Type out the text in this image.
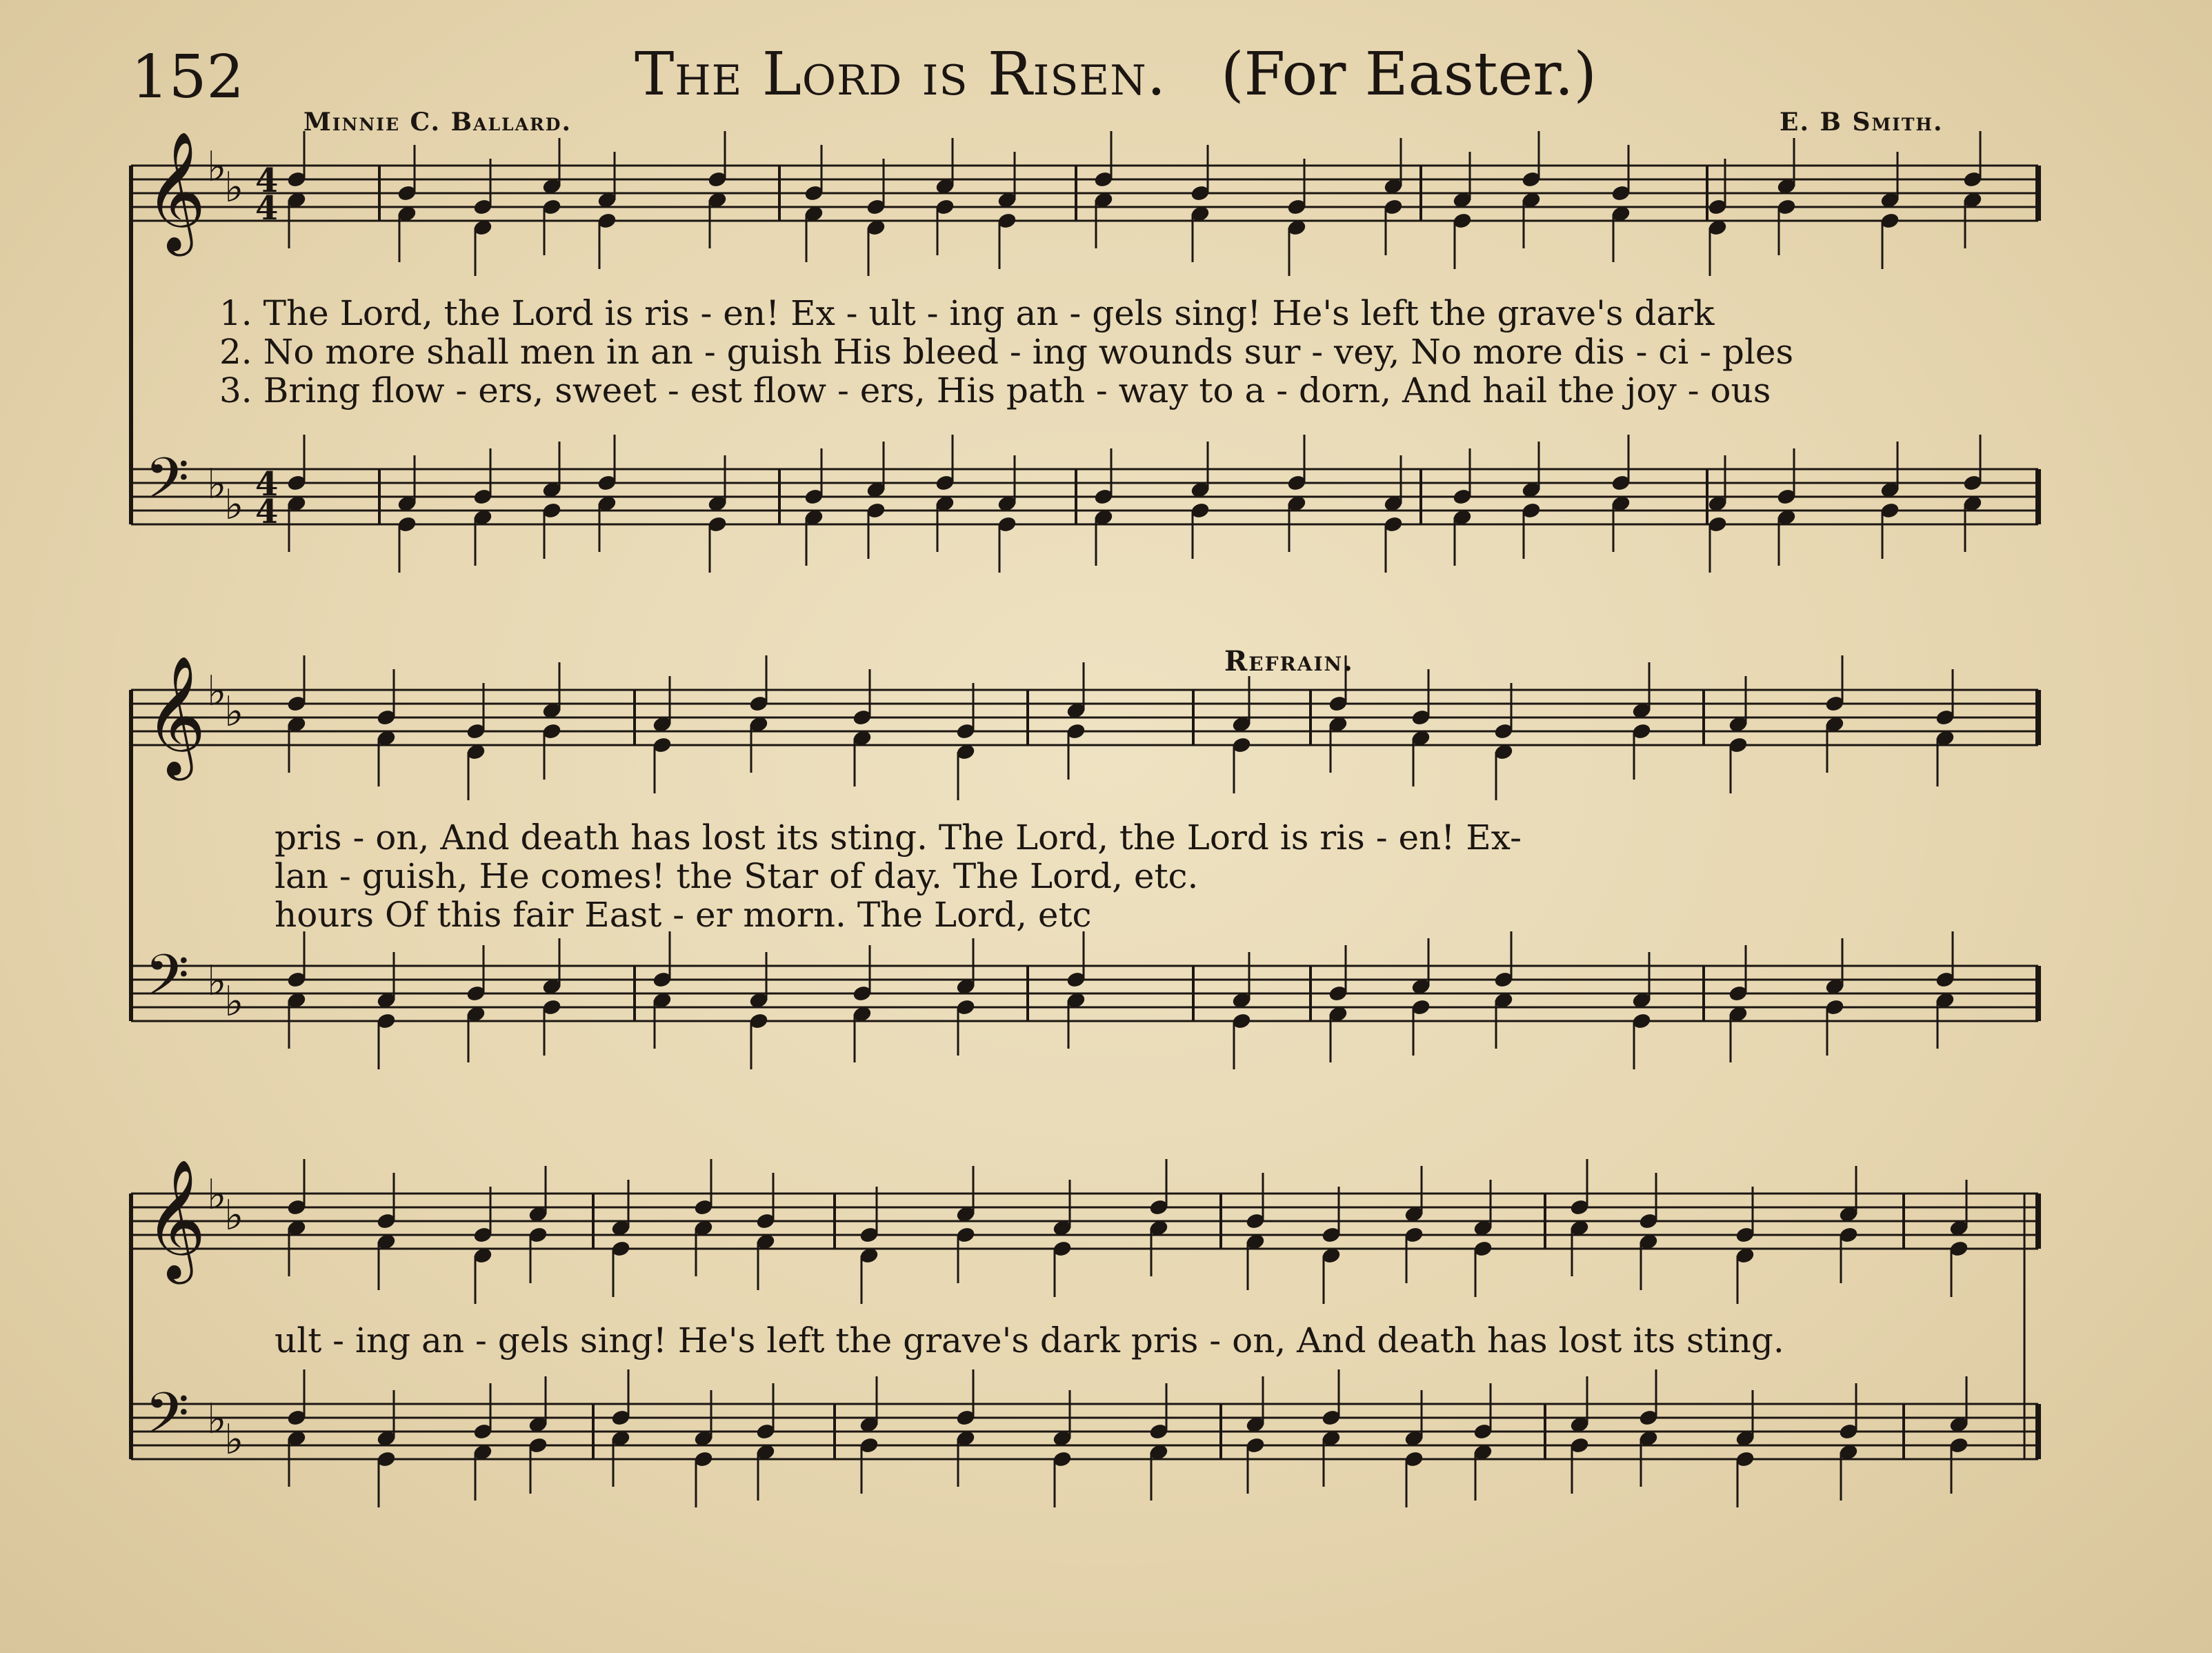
152	The Lord is Risen. (For Easter.)
Minnie C. Ballard.	E. B Smith.
Refrain.
1. The Lord, the Lord is ris - en! Ex - ult - ing an - gels sing! He's left the grave's dark
2. No more shall men in an - guish His bleed - ing wounds sur - vey, No more dis - ci - ples
3. Bring flow - ers, sweet - est flow - ers, His path - way to a - dorn, And hail the joy - ous
pris - on, And death has lost its sting. The Lord, the Lord is ris - en! Ex-
lan - guish, He comes! the Star of day. The Lord, etc.
hours Of this fair East - er morn. The Lord, etc
ult - ing an - gels sing! He's left the grave's dark pris - on, And death has lost its sting.
𝄞 ♭
♭ 4
4
𝄢 ♭
♭ 4
4
𝄞 ♭
♭
𝄢 ♭
♭
𝄞 ♭
♭
𝄢 ♭
♭
